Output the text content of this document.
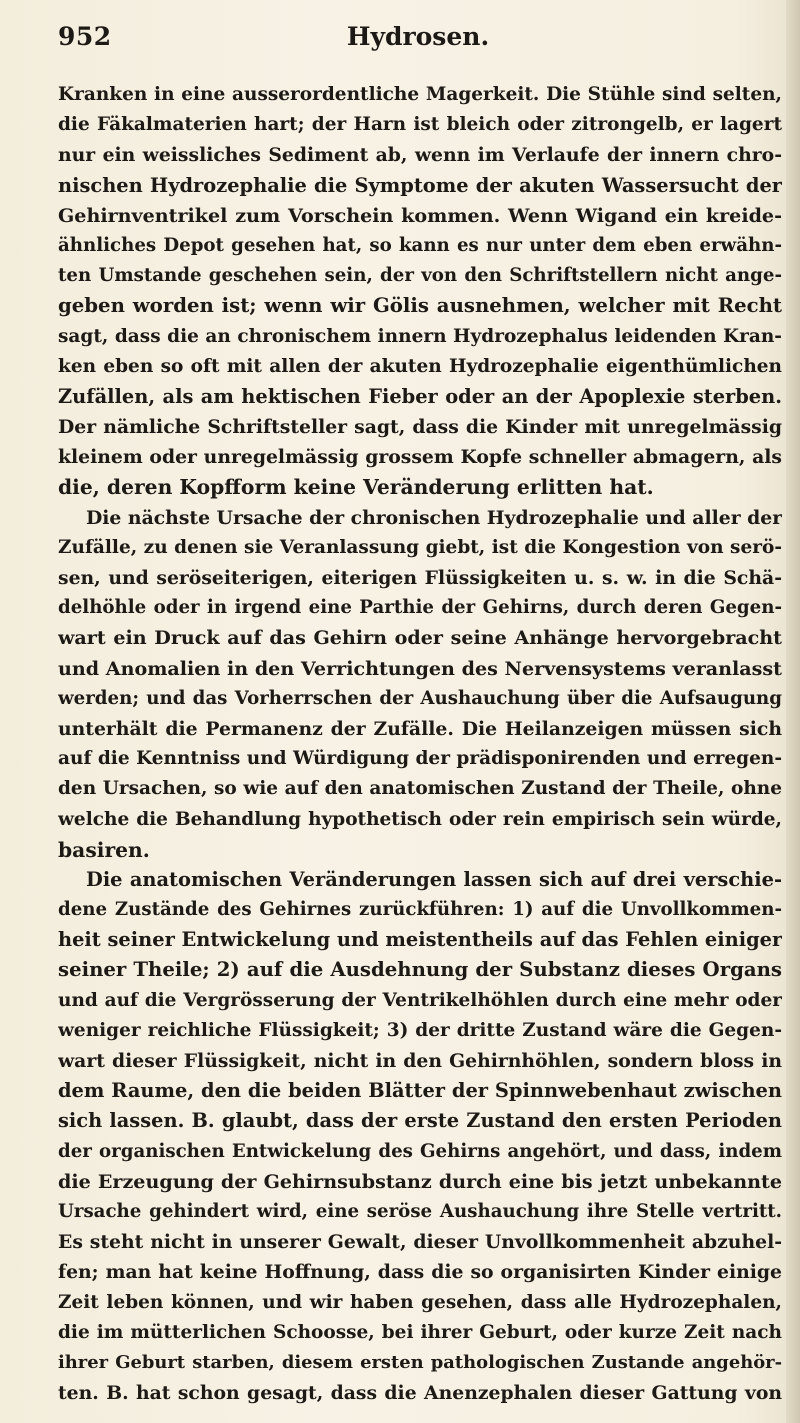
952	Hydrosen.
Kranken in eine ausserordentliche Magerkeit. Die Stühle sind selten,
die Fäkalmaterien hart; der Harn ist bleich oder zitrongelb, er lagert
nur ein weissliches Sediment ab, wenn im Verlaufe der innern chro-
nischen Hydrozephalie die Symptome der akuten Wassersucht der
Gehirnventrikel zum Vorschein kommen. Wenn Wigand ein kreide-
ähnliches Depot gesehen hat, so kann es nur unter dem eben erwähn-
ten Umstande geschehen sein, der von den Schriftstellern nicht ange-
geben worden ist; wenn wir Gölis ausnehmen, welcher mit Recht
sagt, dass die an chronischem innern Hydrozephalus leidenden Kran-
ken eben so oft mit allen der akuten Hydrozephalie eigenthümlichen
Zufällen, als am hektischen Fieber oder an der Apoplexie sterben.
Der nämliche Schriftsteller sagt, dass die Kinder mit unregelmässig
kleinem oder unregelmässig grossem Kopfe schneller abmagern, als
die, deren Kopfform keine Veränderung erlitten hat.
Die nächste Ursache der chronischen Hydrozephalie und aller der
Zufälle, zu denen sie Veranlassung giebt, ist die Kongestion von serö-
sen, und seröseiterigen, eiterigen Flüssigkeiten u. s. w. in die Schä-
delhöhle oder in irgend eine Parthie der Gehirns, durch deren Gegen-
wart ein Druck auf das Gehirn oder seine Anhänge hervorgebracht
und Anomalien in den Verrichtungen des Nervensystems veranlasst
werden; und das Vorherrschen der Aushauchung über die Aufsaugung
unterhält die Permanenz der Zufälle. Die Heilanzeigen müssen sich
auf die Kenntniss und Würdigung der prädisponirenden und erregen-
den Ursachen, so wie auf den anatomischen Zustand der Theile, ohne
welche die Behandlung hypothetisch oder rein empirisch sein würde,
basiren.
Die anatomischen Veränderungen lassen sich auf drei verschie-
dene Zustände des Gehirnes zurückführen: 1) auf die Unvollkommen-
heit seiner Entwickelung und meistentheils auf das Fehlen einiger
seiner Theile; 2) auf die Ausdehnung der Substanz dieses Organs
und auf die Vergrösserung der Ventrikelhöhlen durch eine mehr oder
weniger reichliche Flüssigkeit; 3) der dritte Zustand wäre die Gegen-
wart dieser Flüssigkeit, nicht in den Gehirnhöhlen, sondern bloss in
dem Raume, den die beiden Blätter der Spinnwebenhaut zwischen
sich lassen. B. glaubt, dass der erste Zustand den ersten Perioden
der organischen Entwickelung des Gehirns angehört, und dass, indem
die Erzeugung der Gehirnsubstanz durch eine bis jetzt unbekannte
Ursache gehindert wird, eine seröse Aushauchung ihre Stelle vertritt.
Es steht nicht in unserer Gewalt, dieser Unvollkommenheit abzuhel-
fen; man hat keine Hoffnung, dass die so organisirten Kinder einige
Zeit leben können, und wir haben gesehen, dass alle Hydrozephalen,
die im mütterlichen Schoosse, bei ihrer Geburt, oder kurze Zeit nach
ihrer Geburt starben, diesem ersten pathologischen Zustande angehör-
ten. B. hat schon gesagt, dass die Anenzephalen dieser Gattung von
